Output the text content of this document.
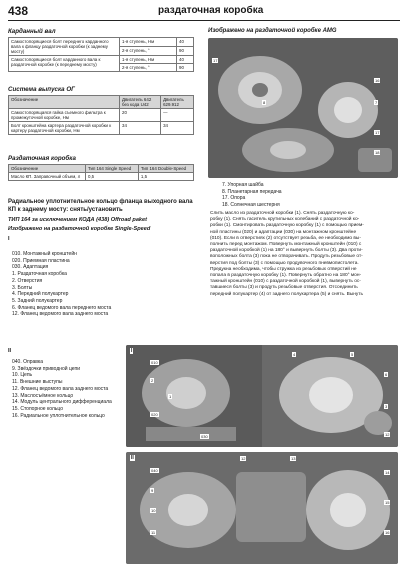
438	раздаточная коробка
Карданный вал
Самостопорящиеся болт переднего карданного вала к фланцу раздаточной коробки (к заднему мосту)	1-я ступень, Нм	40
	2-я ступень, °	90
Самостопорящиеся болт карданного вала к раздаточной коробке (к переднему мосту)	1-я ступень, Нм	40
	2-я ступень, °	90
Система выпуска ОГ
Обозначение	Двигатель 642 без кода U42	Двигатель 629.912
Самостопорящаяся гайка съемного фильтра к промежуточной коробке, Нм	20	—
Болт кронштейна картера раздаточной коробки к картеру раздаточной коробки, Нм	34	34
Раздаточная коробка
Обозначение	Тип 164 Single Speed	Тип 164 Double-Speed
Масло КП. Заправочный объем, л	0,5	1,5
Радиальное уплотнительное кольцо фланца выходного вала КП к заднему мосту: снять/установить
ТИП 164 за исключением КОДА (438) Offroad paket
Изображено на раздаточной коробке Single-Speed
I
010. Монтажный кронштейн
020. Приемная пластина
030. Адаптация
1. Раздаточная коробка
2. Отверстия
3. Болты
4. Передний полукартер
5. Задний полукартер
6. Фланец ведомого вала переднего моста
12. Фланец ведомого вала заднего моста
II
040. Оправка
9. Звёздочки приводной цепи
10. Цепь
11. Внешние выступы
12. Фланец ведомого вала заднего моста
13. Маслосъёмное кольцо
14. Модуль центрального дифференциала
15. Стопорное кольцо
16. Радиальное уплотнительное кольцо
Изображено на раздаточной коробке AMG
17
8
16
7
17
18
7. Упорная шайба
8. Планетарная передача
17. Опора
18. Солнечная шестерня
Слить масло из раздаточной коробки (1). Снять раздаточную ко-
робку (1). Снять гаситель крутильных колебаний с раздаточной ко-
робки (1). Смонтировать раздаточную коробку (1) с помощью прием-
ной пластины (020) и адаптации (030) на монтажном кронштейне
(010). Если в отверстиях (2) отсутствует резьба, ее необходимо вы-
полнить перед монтажом. Повернуть монтажный кронштейн (010) с
раздаточной коробкой (1) на 180° и вывернуть болты (3). Два проти-
воположных болта (3) пока не отворачивать. Продуть резьбовые от-
верстия под болты (3) с помощью продувочного пневмопистолета.
Предукна необходима, чтобы стружка из резьбовых отверстий не
попала в раздаточную коробку (1). Повернуть обратно на 180° мон-
тажный кронштейн (010) с раздаточной коробкой (1), вывернуть ос-
тавшиеся болты (3) и продуть резьбовые отверстия. Отсоединить
передний полукартер (4) от заднего полукартера (5) и снять. Вынуть
I
010
2
1
020
030
4	5
6
3
12
II
040
9
10
11
12	13
14
15
16
